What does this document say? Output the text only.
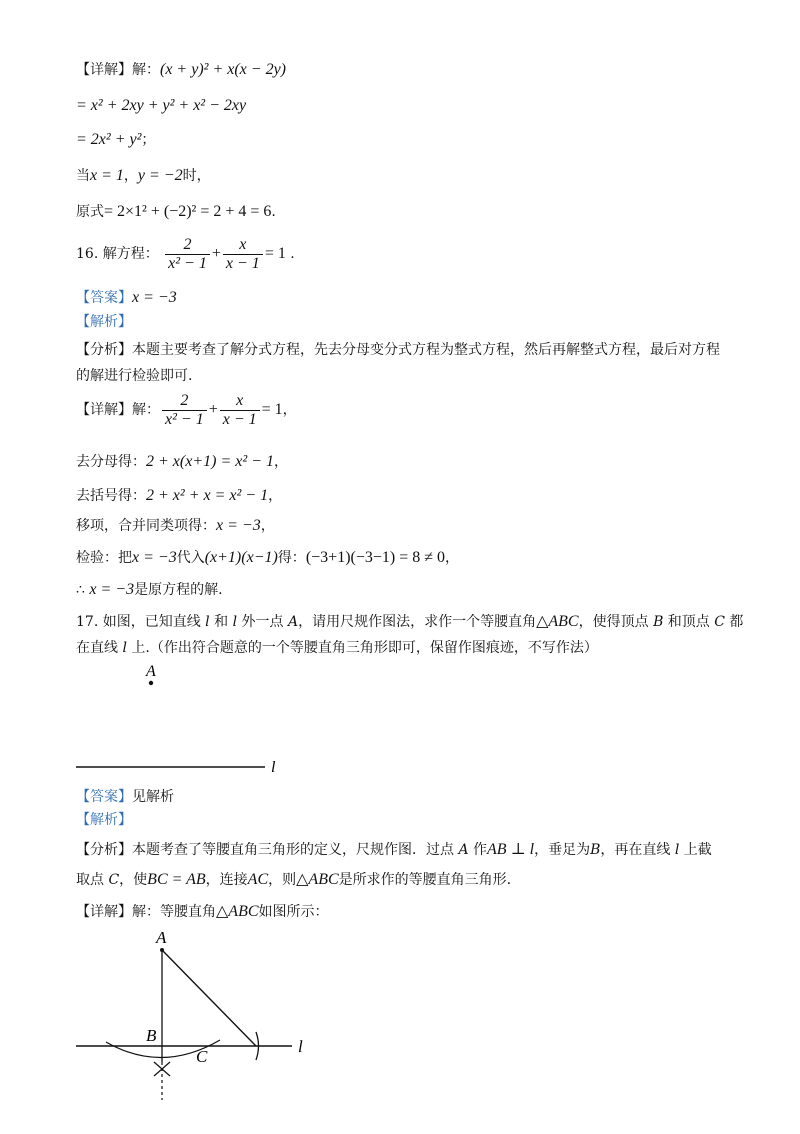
【详解】解：(x + y)² + x(x − 2y)
= x² + 2xy + y² + x² − 2xy
= 2x² + y²；
当x = 1，y = −2时，
原式= 2×1² + (−2)² = 2 + 4 = 6.
16. 解方程： $\frac{2}{\text{x² − 1}} + \frac{x}{x - 1} = 1$ .
【答案】x = −3
【解析】
【分析】本题主要考查了解分式方程，先去分母变分式方程为整式方程，然后再解整式方程，最后对方程
的解进行检验即可.
【详解】解： $\frac{2}{\text{x² − 1}} + \frac{x}{x - 1} = 1$，
去分母得：2 + x(x+1) = x² − 1，
去括号得：2 + x² + x = x² − 1，
移项，合并同类项得：x = −3，
检验：把x = −3代入(x+1)(x−1)得：(−3+1)(−3−1) = 8 ≠ 0，
∴ x = −3是原方程的解.
17. 如图，已知直线 l 和 l 外一点 A，请用尺规作图法，求作一个等腰直角△ABC，使得顶点 B 和顶点 C 都
在直线 l 上.（作出符合题意的一个等腰直角三角形即可，保留作图痕迹，不写作法）
A
l
【答案】见解析
【解析】
【分析】本题考查了等腰直角三角形的定义，尺规作图．过点 A 作AB ⊥ l，垂足为B，再在直线 l 上截
取点 C，使BC = AB，连接AC，则△ABC是所求作的等腰直角三角形.
【详解】解：等腰直角△ABC如图所示：
A
l
B
C
